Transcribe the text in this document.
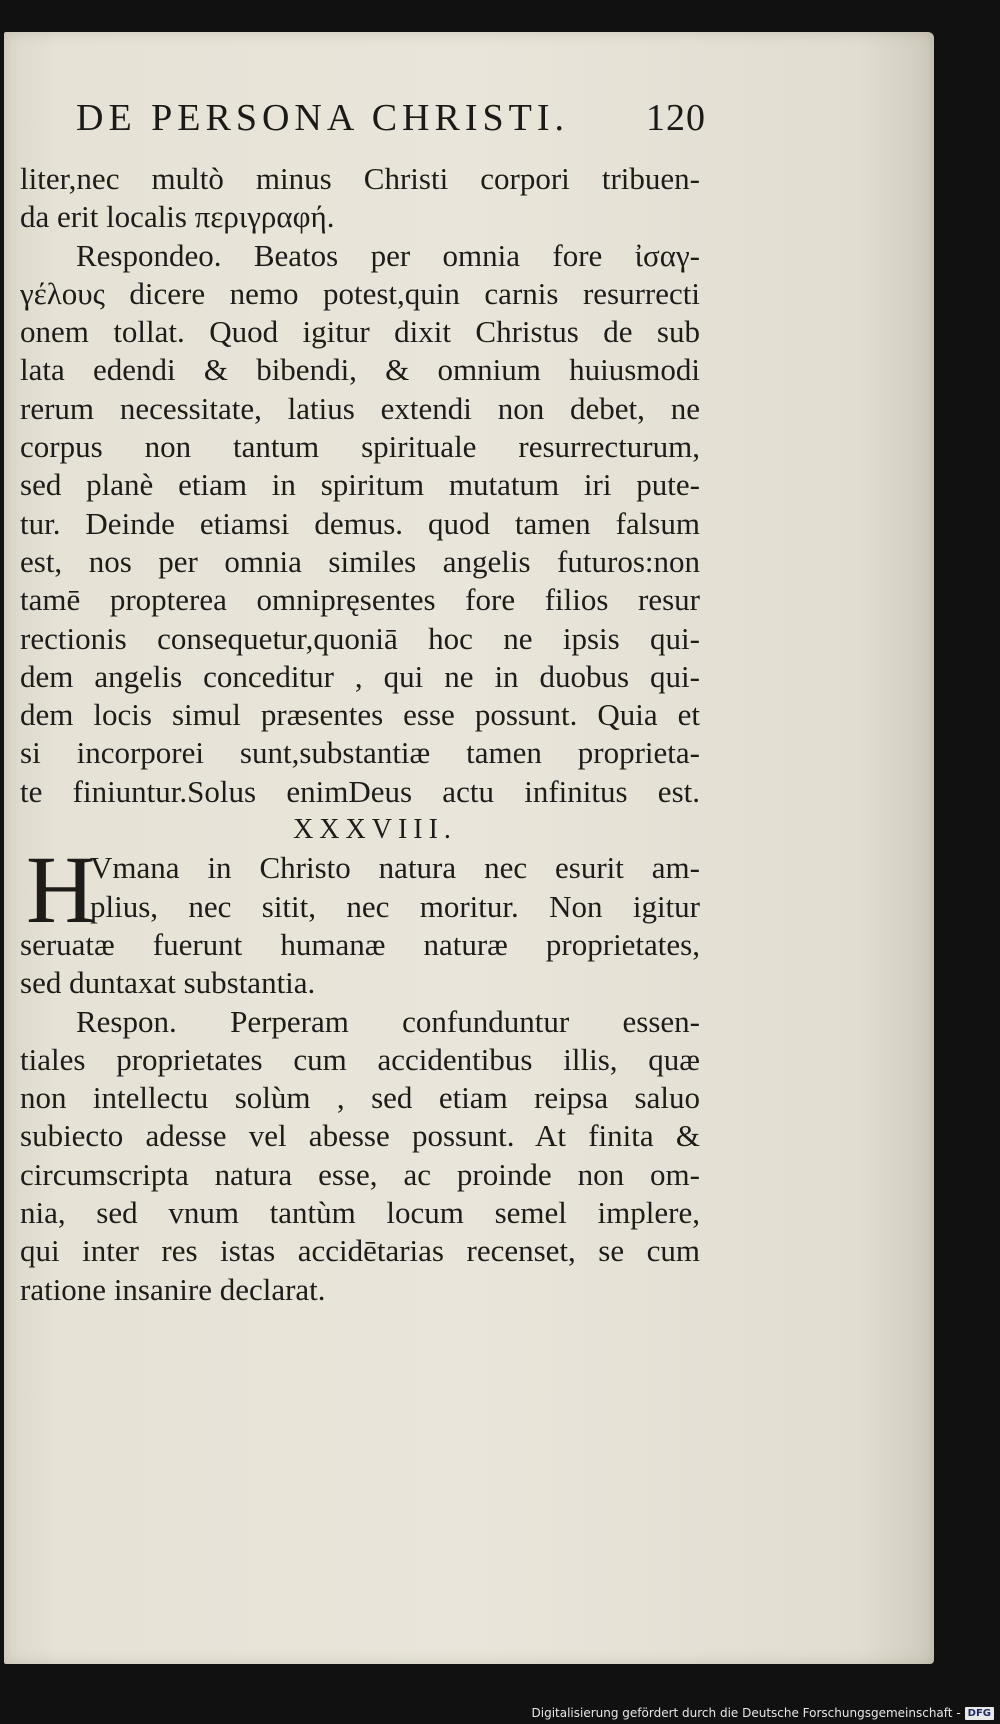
DE PERSONA CHRISTI. 120
liter,nec multò minus Christi corpori tribuen-
da erit localis περιγραφή.
Respondeo. Beatos per omnia fore ἰσαγ-
γέλους dicere nemo potest,quin carnis resurrecti
onem tollat. Quod igitur dixit Christus de sub
lata edendi & bibendi, & omnium huiusmodi
rerum necessitate, latius extendi non debet, ne
corpus non tantum spirituale resurrecturum,
sed planè etiam in spiritum mutatum iri pute-
tur. Deinde etiamsi demus. quod tamen falsum
est, nos per omnia similes angelis futuros:non
tamē propterea omnipręsentes fore filios resur
rectionis consequetur,quoniā hoc ne ipsis qui-
dem angelis conceditur , qui ne in duobus qui-
dem locis simul præsentes esse possunt. Quia et
si incorporei sunt,substantiæ tamen proprieta-
te finiuntur.Solus enimDeus actu infinitus est.
XXXVIII.
H
Vmana in Christo natura nec esurit am-
plius, nec sitit, nec moritur. Non igitur
seruatæ fuerunt humanæ naturæ proprietates,
sed duntaxat substantia.
Respon. Perperam confunduntur essen-
tiales proprietates cum accidentibus illis, quæ
non intellectu solùm , sed etiam reipsa saluo
subiecto adesse vel abesse possunt. At finita &
circumscripta natura esse, ac proinde non om-
nia, sed vnum tantùm locum semel implere,
qui inter res istas accidētarias recenset, se cum
ratione insanire declarat.
Digitalisierung gefördert durch die Deutsche Forschungsgemeinschaft - DFG
